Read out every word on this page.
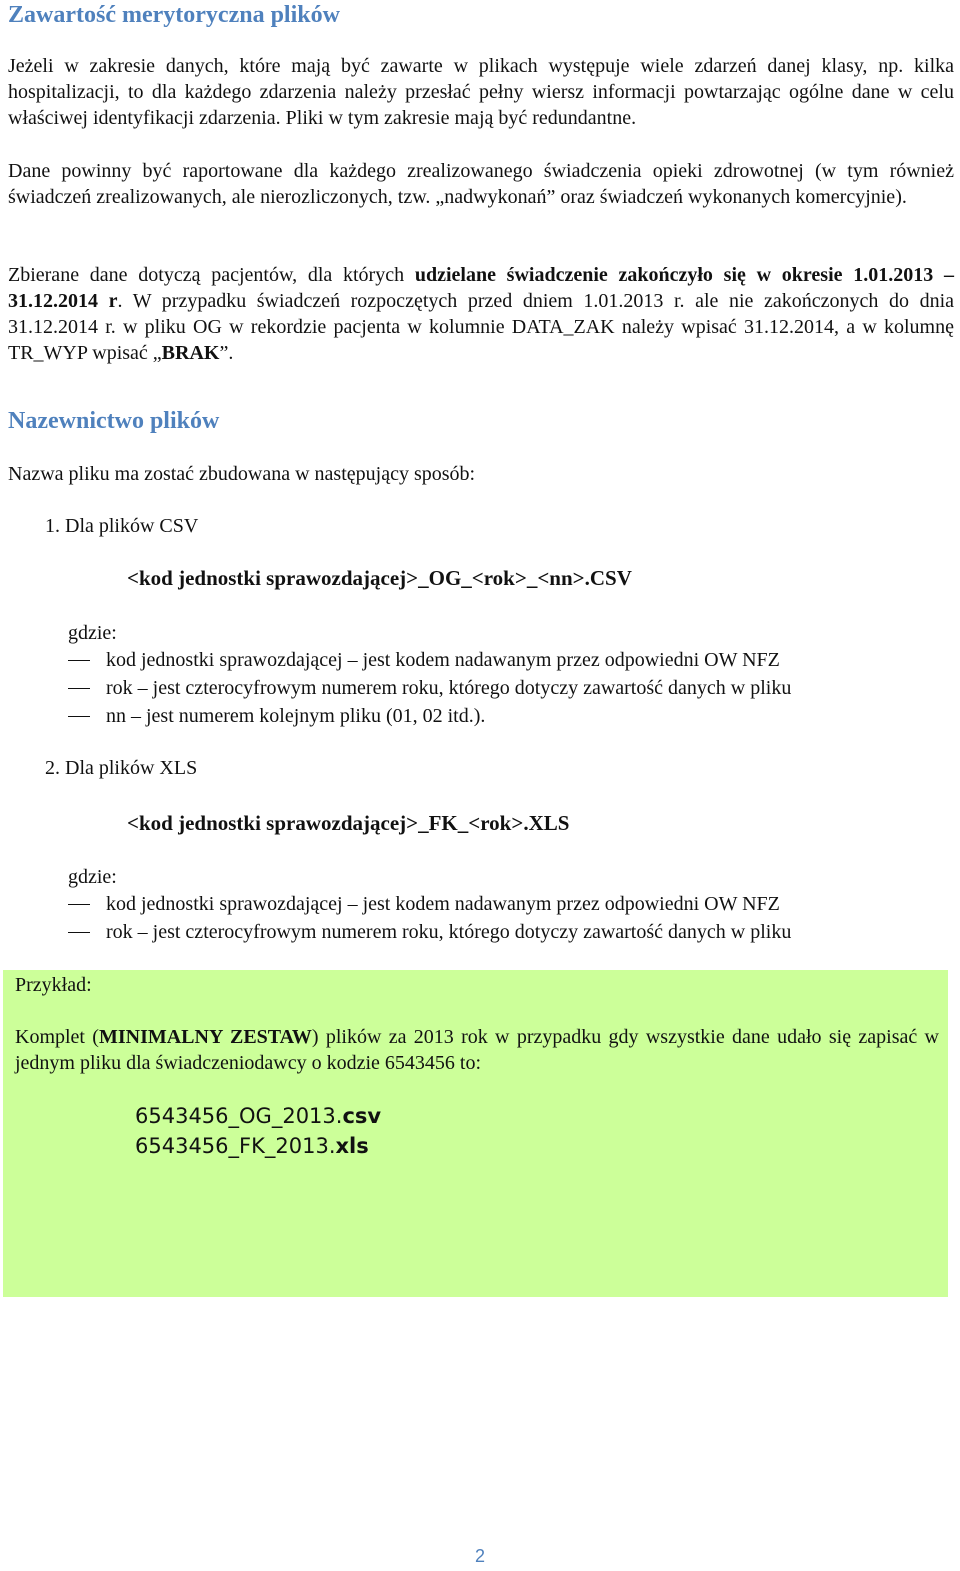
Zawartość merytoryczna plików

Jeżeli w zakresie danych, które mają być zawarte w plikach występuje wiele zdarzeń danej klasy, np. kilka hospitalizacji, to dla każdego zdarzenia należy przesłać pełny wiersz informacji powtarzając ogólne dane w celu właściwej identyfikacji zdarzenia. Pliki w tym zakresie mają być redundantne.

Dane powinny być raportowane dla każdego zrealizowanego świadczenia opieki zdrowotnej (w tym również świadczeń zrealizowanych, ale nierozliczonych, tzw. „nadwykonań” oraz świadczeń wykonanych komercyjnie).

Zbierane dane dotyczą pacjentów, dla których udzielane świadczenie zakończyło się w okresie 1.01.2013 – 31.12.2014 r. W przypadku świadczeń rozpoczętych przed dniem 1.01.2013 r. ale nie zakończonych do dnia 31.12.2014 r. w pliku OG w rekordzie pacjenta w kolumnie DATA_ZAK należy wpisać 31.12.2014, a w kolumnę TR_WYP wpisać „BRAK”.

Nazewnictwo plików

Nazwa pliku ma zostać zbudowana w następujący sposób:

1. Dla plików CSV

<kod jednostki sprawozdającej>_OG_<rok>_<nn>.CSV

gdzie:

kod jednostki sprawozdającej – jest kodem nadawanym przez odpowiedni OW NFZ

rok – jest czterocyfrowym numerem roku, którego dotyczy zawartość danych w pliku

nn – jest numerem kolejnym pliku (01, 02 itd.).

2. Dla plików XLS

<kod jednostki sprawozdającej>_FK_<rok>.XLS

gdzie:

kod jednostki sprawozdającej – jest kodem nadawanym przez odpowiedni OW NFZ

rok – jest czterocyfrowym numerem roku, którego dotyczy zawartość danych w pliku

Przykład:

Komplet (MINIMALNY ZESTAW) plików za 2013 rok w przypadku gdy wszystkie dane udało się zapisać w jednym pliku dla świadczeniodawcy o kodzie 6543456 to:

6543456_OG_2013.csv

6543456_FK_2013.xls

2
